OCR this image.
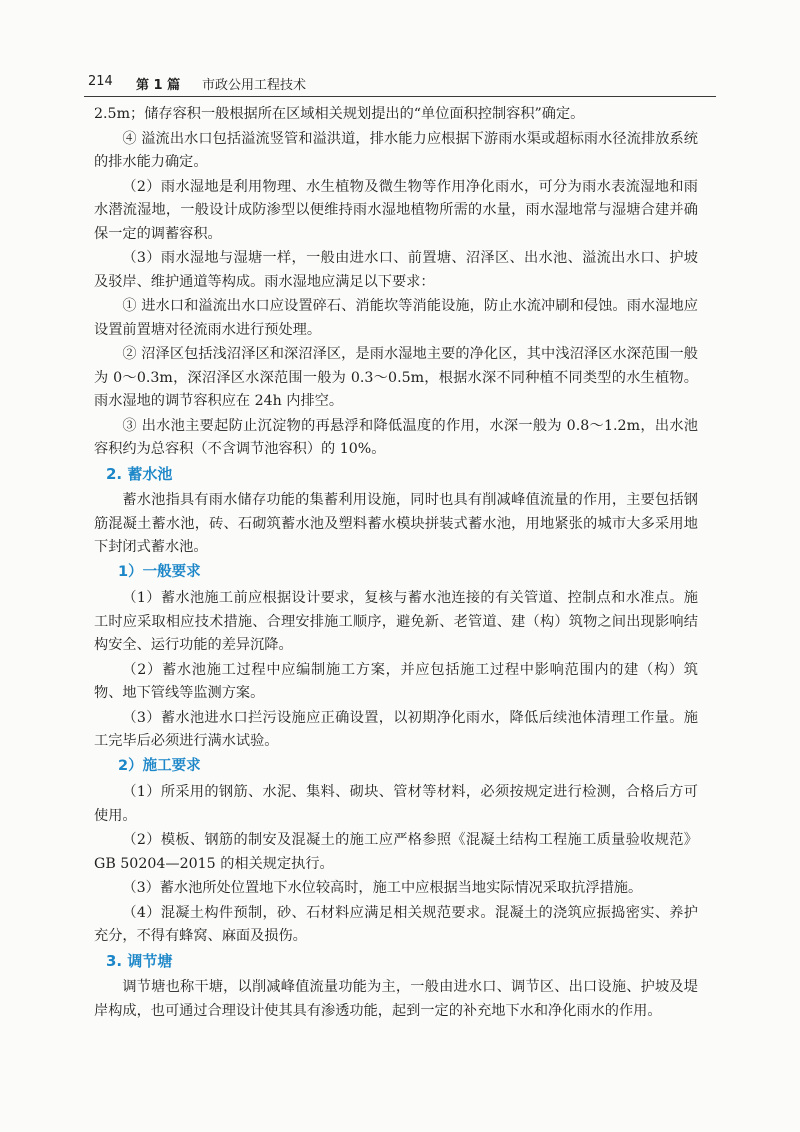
214 第 1 篇 市政公用工程技术

2.5m；储存容积一般根据所在区域相关规划提出的“单位面积控制容积”确定。

④ 溢流出水口包括溢流竖管和溢洪道，排水能力应根据下游雨水渠或超标雨水径流排放系统的排水能力确定。

（2）雨水湿地是利用物理、水生植物及微生物等作用净化雨水，可分为雨水表流湿地和雨水潜流湿地，一般设计成防渗型以便维持雨水湿地植物所需的水量，雨水湿地常与湿塘合建并确保一定的调蓄容积。

（3）雨水湿地与湿塘一样，一般由进水口、前置塘、沼泽区、出水池、溢流出水口、护坡及驳岸、维护通道等构成。雨水湿地应满足以下要求：

① 进水口和溢流出水口应设置碎石、消能坎等消能设施，防止水流冲刷和侵蚀。雨水湿地应设置前置塘对径流雨水进行预处理。

② 沼泽区包括浅沼泽区和深沼泽区，是雨水湿地主要的净化区，其中浅沼泽区水深范围一般为 0～0.3m，深沼泽区水深范围一般为 0.3～0.5m，根据水深不同种植不同类型的水生植物。雨水湿地的调节容积应在 24h 内排空。

③ 出水池主要起防止沉淀物的再悬浮和降低温度的作用，水深一般为 0.8～1.2m，出水池容积约为总容积（不含调节池容积）的 10%。

2. 蓄水池

蓄水池指具有雨水储存功能的集蓄利用设施，同时也具有削减峰值流量的作用，主要包括钢筋混凝土蓄水池，砖、石砌筑蓄水池及塑料蓄水模块拼装式蓄水池，用地紧张的城市大多采用地下封闭式蓄水池。

1）一般要求

（1）蓄水池施工前应根据设计要求，复核与蓄水池连接的有关管道、控制点和水准点。施工时应采取相应技术措施、合理安排施工顺序，避免新、老管道、建（构）筑物之间出现影响结构安全、运行功能的差异沉降。

（2）蓄水池施工过程中应编制施工方案，并应包括施工过程中影响范围内的建（构）筑物、地下管线等监测方案。

（3）蓄水池进水口拦污设施应正确设置，以初期净化雨水，降低后续池体清理工作量。施工完毕后必须进行满水试验。

2）施工要求

（1）所采用的钢筋、水泥、集料、砌块、管材等材料，必须按规定进行检测，合格后方可使用。

（2）模板、钢筋的制安及混凝土的施工应严格参照《混凝土结构工程施工质量验收规范》GB 50204—2015 的相关规定执行。

（3）蓄水池所处位置地下水位较高时，施工中应根据当地实际情况采取抗浮措施。

（4）混凝土构件预制，砂、石材料应满足相关规范要求。混凝土的浇筑应振捣密实、养护充分，不得有蜂窝、麻面及损伤。

3. 调节塘

调节塘也称干塘，以削减峰值流量功能为主，一般由进水口、调节区、出口设施、护坡及堤岸构成，也可通过合理设计使其具有渗透功能，起到一定的补充地下水和净化雨水的作用。
